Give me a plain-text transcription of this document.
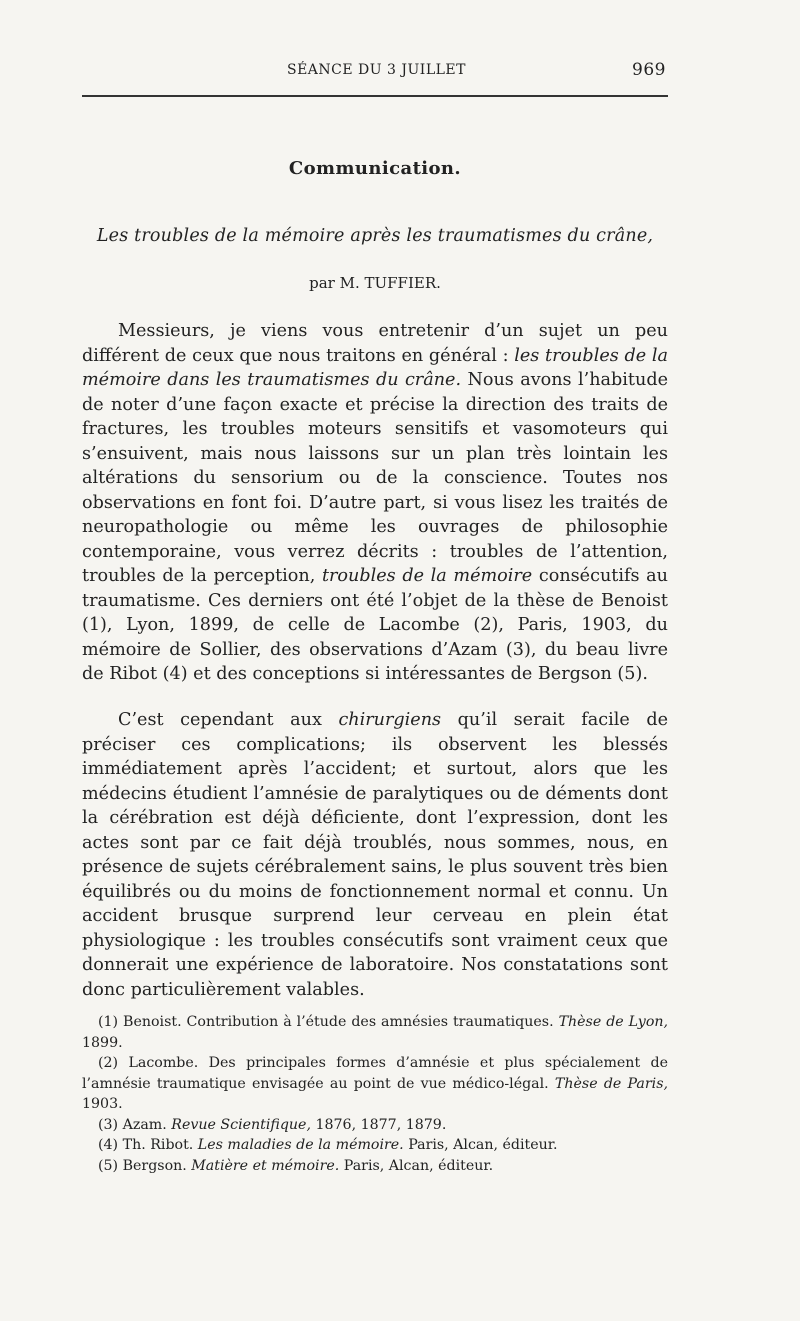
SÉANCE DU 3 JUILLET	969
Communication.
Les troubles de la mémoire après les traumatismes du crâne,
par M. TUFFIER.

Messieurs, je viens vous entretenir d’un sujet un peu différent de ceux que nous traitons en général : les troubles de la mémoire dans les traumatismes du crâne. Nous avons l’habitude de noter d’une façon exacte et précise la direction des traits de fractures, les troubles moteurs sensitifs et vasomoteurs qui s’ensuivent, mais nous laissons sur un plan très lointain les altérations du sensorium ou de la conscience. Toutes nos observations en font foi. D’autre part, si vous lisez les traités de neuropathologie ou même les ouvrages de philosophie contemporaine, vous verrez décrits : troubles de l’attention, troubles de la perception, troubles de la mémoire consécutifs au traumatisme. Ces derniers ont été l’objet de la thèse de Benoist (1), Lyon, 1899, de celle de Lacombe (2), Paris, 1903, du mémoire de Sollier, des observations d’Azam (3), du beau livre de Ribot (4) et des conceptions si intéressantes de Bergson (5).

C’est cependant aux chirurgiens qu’il serait facile de préciser ces complications; ils observent les blessés immédiatement après l’accident; et surtout, alors que les médecins étudient l’amnésie de paralytiques ou de déments dont la cérébration est déjà déficiente, dont l’expression, dont les actes sont par ce fait déjà troublés, nous sommes, nous, en présence de sujets cérébralement sains, le plus souvent très bien équilibrés ou du moins de fonctionnement normal et connu. Un accident brusque surprend leur cerveau en plein état physiologique : les troubles consécutifs sont vraiment ceux que donnerait une expérience de laboratoire. Nos constatations sont donc particulièrement valables.

(1) Benoist. Contribution à l’étude des amnésies traumatiques. Thèse de Lyon, 1899.

(2) Lacombe. Des principales formes d’amnésie et plus spécialement de l’amnésie traumatique envisagée au point de vue médico-légal. Thèse de Paris, 1903.

(3) Azam. Revue Scientifique, 1876, 1877, 1879.

(4) Th. Ribot. Les maladies de la mémoire. Paris, Alcan, éditeur.

(5) Bergson. Matière et mémoire. Paris, Alcan, éditeur.
